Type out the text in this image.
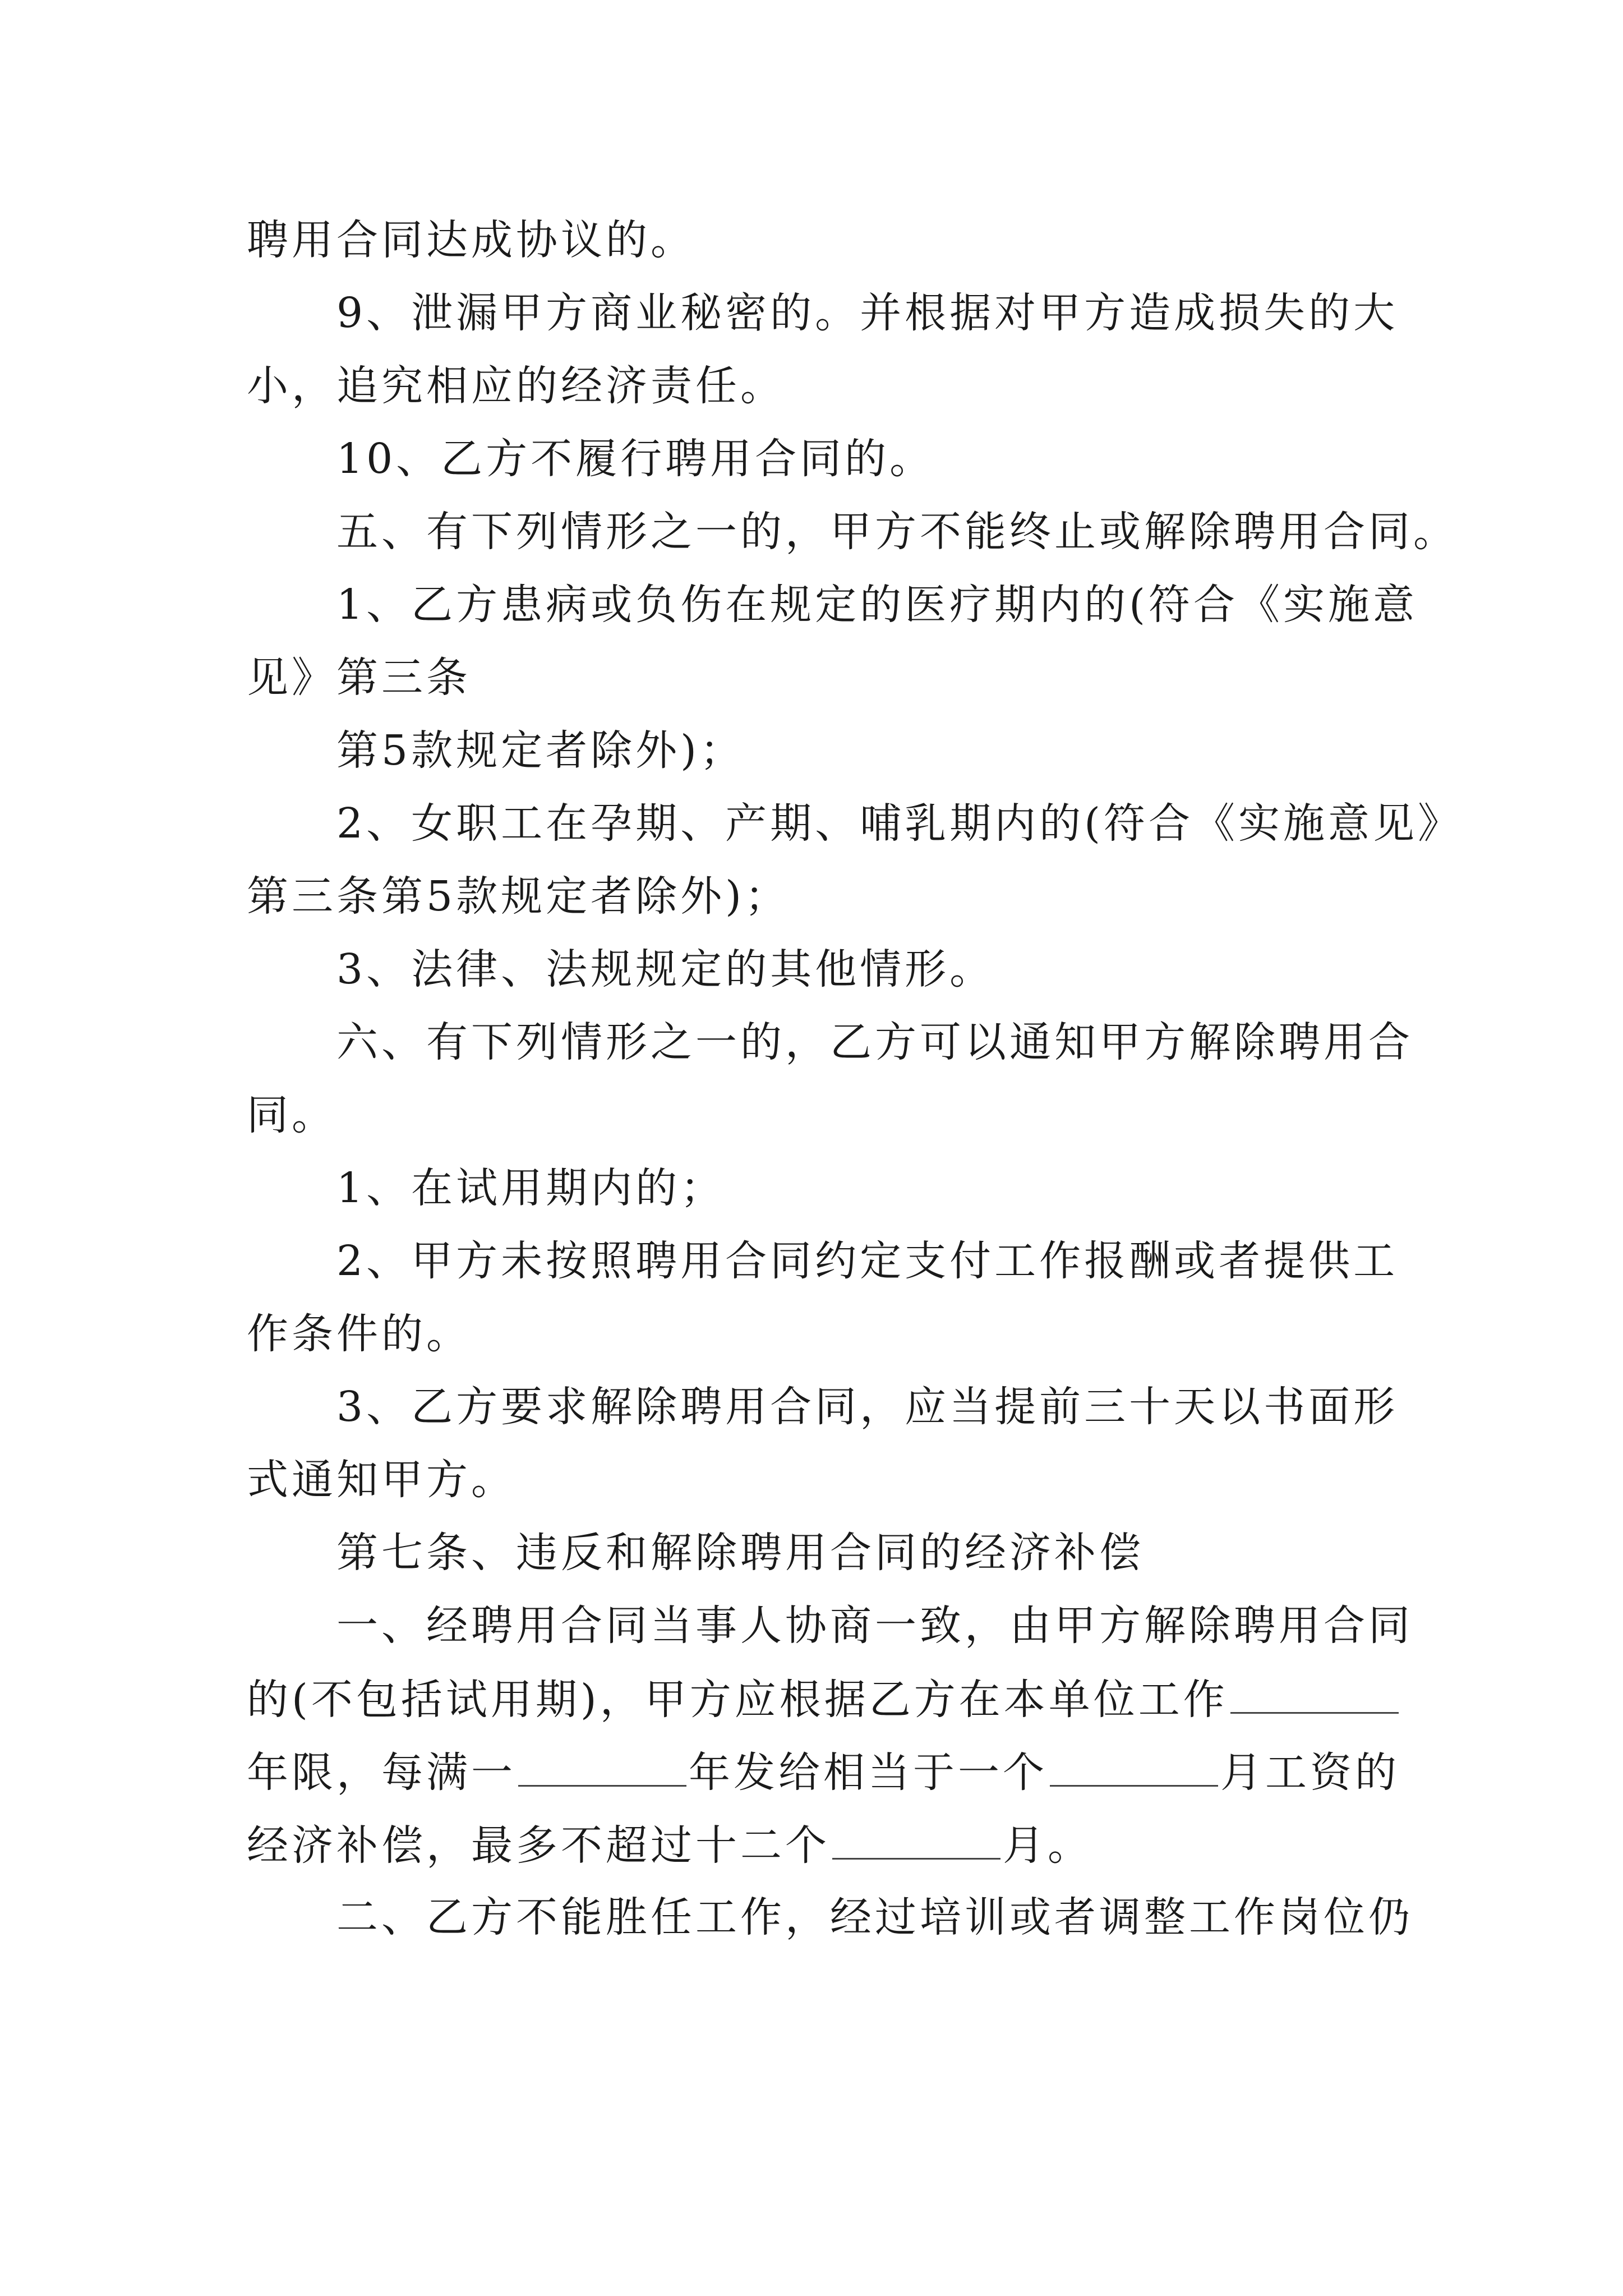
聘用合同达成协议的。
9、泄漏甲方商业秘密的。并根据对甲方造成损失的大
小，追究相应的经济责任。
10、乙方不履行聘用合同的。
五、有下列情形之一的，甲方不能终止或解除聘用合同。
1、乙方患病或负伤在规定的医疗期内的(符合《实施意
见》第三条
第5款规定者除外)；
2、女职工在孕期、产期、哺乳期内的(符合《实施意见》
第三条第5款规定者除外)；
3、法律、法规规定的其他情形。
六、有下列情形之一的，乙方可以通知甲方解除聘用合
同。
1、在试用期内的；
2、甲方未按照聘用合同约定支付工作报酬或者提供工
作条件的。
3、乙方要求解除聘用合同，应当提前三十天以书面形
式通知甲方。
第七条、违反和解除聘用合同的经济补偿
一、经聘用合同当事人协商一致，由甲方解除聘用合同
的(不包括试用期)，甲方应根据乙方在本单位工作
年限，每满一	年发给相当于一个	月工资的
经济补偿，最多不超过十二个	月。
二、乙方不能胜任工作，经过培训或者调整工作岗位仍
